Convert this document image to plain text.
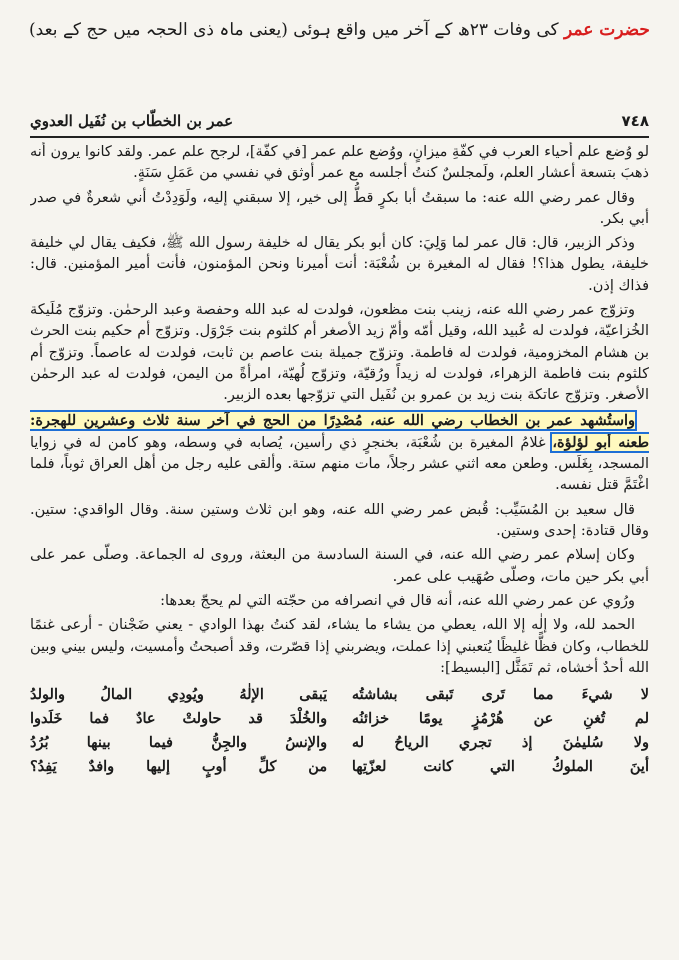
حضرت عمر کی وفات ۲۳ھ کے آخر میں واقع ہوئی (یعنی ماہ ذی الحجہ میں حج کے بعد)
٧٤٨
عمر بن الخطّاب بن نُفَيل العدوي

لو وُضع علم أحياء العرب في كفّةِ ميزانٍ، ووُضع علم عمر [في كفّة]، لرجح علم عمر. ولقد كانوا يرون أنه ذهبَ بتسعة أعشار العلم، ولَمجلسٌ كنتُ أجلسه مع عمر أوثق في نفسي من عَمَلِ سَنَةٍ.

وقال عمر رضي الله عنه: ما سبقتُ أبا بكرٍ قطُّ إلى خير، إلا سبقني إليه، ولَوَدِدْتُ أني شعرةٌ في صدر أبي بكر.

وذكر الزبير، قال: قال عمر لما وَلِيَ: كان أبو بكر يقال له خليفة رسول الله ﷺ، فكيف يقال لي خليفة خليفة، يطول هذا؟! فقال له المغيرة بن شُعْبَة: أنت أميرنا ونحن المؤمنون، فأنت أمير المؤمنين. قال: فذاك إذن.

وتزوّج عمر رضي الله عنه، زينب بنت مظعون، فولدت له عبد الله وحفصة وعبد الرحمٰن. وتزوّج مُلَيكة الخُزاعيّة، فولدت له عُبيد الله، وقيل أمّه وأمّ زيد الأصغر أم كلثوم بنت جَرْوَل. وتزوّج أم حكيم بنت الحرث بن هشام المخزومية، فولدت له فاطمة. وتزوّج جميلة بنت عاصم بن ثابت، فولدت له عاصماً. وتزوّج أم كلثوم بنت فاطمة الزهراء، فولدت له زيداً ورُقيّة، وتزوّج لُهيّة، امرأةً من اليمن، فولدت له عبد الرحمٰن الأصغر. وتزوّج عاتكة بنت زيد بن عمرو بن نُفَيل التي تزوّجها بعده الزبير.

واستُشهد عمر بن الخطاب رضي الله عنه، مُصْدِرًا من الحج في آخر سنة ثلاث وعشرين للهجرة: طعنه أبو لؤلؤة، غلامُ المغيرة بن شُعْبَة، بخنجرٍ ذي رأسين، يُصابه في وسطه، وهو كامن له في زوايا المسجد، بِغَلَس. وطعن معه اثني عشر رجلاً، مات منهم ستة. وألقى عليه رجل من أهل العراق ثوباً، فلما اغْتَمَّ قتل نفسه.

قال سعيد بن المُسَيِّب: قُبض عمر رضي الله عنه، وهو ابن ثلاث وستين سنة. وقال الواقدي: ستين. وقال قتادة: إحدى وستين.

وكان إسلام عمر رضي الله عنه، في السنة السادسة من البعثة، وروى له الجماعة. وصلّى عمر على أبي بكر حين مات، وصلّى صُهَيب على عمر.

ورُوي عن عمر رضي الله عنه، أنه قال في انصرافه من حجّته التي لم يحجّ بعدها:

الحمد لله، ولا إلٰه إلا الله، يعطي من يشاء ما يشاء، لقد كنتُ بهذا الوادي - يعني ضَجْنان - أرعى غنمًا للخطاب، وكان فظًّا غليظًا يُتعبني إذا عملت، ويضربني إذا قصّرت، وقد أصبحتُ وأمسيت، وليس بيني وبين الله أحدٌ أخشاه، ثم تَمَثَّل [البسيط]:

لا شيءَ مما تَرى تَبقى بشاشتُه
يَبقى الإلٰهُ ويُودِي المالُ والولدُ
لم تُغنِ عن هُرْمُزٍ يومًا خزائنُه
والخُلْدَ قد حاولتْ عادٌ فما خَلَدوا
ولا سُليمٰنَ إذ تجري الرياحُ له
والإنسُ والجِنُّ فيما بينها بُرُدُ
أينَ الملوكُ التي كانت لعزّتِها
من كلِّ أوبٍ إليها وافدٌ يَفِدُ؟
